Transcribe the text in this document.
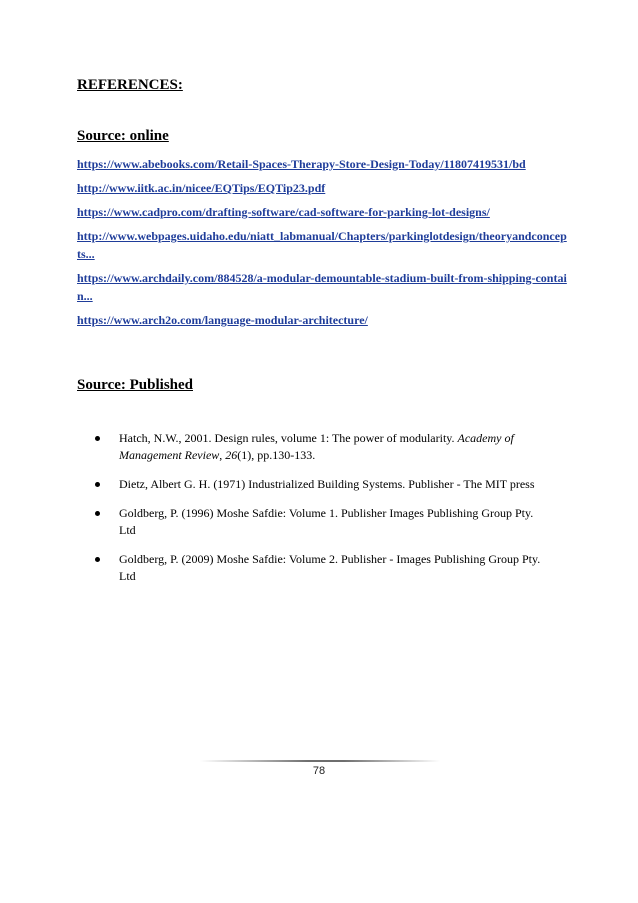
REFERENCES:
Source: online
https://www.abebooks.com/Retail-Spaces-Therapy-Store-Design-Today/11807419531/bd
http://www.iitk.ac.in/nicee/EQTips/EQTip23.pdf
https://www.cadpro.com/drafting-software/cad-software-for-parking-lot-designs/
http://www.webpages.uidaho.edu/niatt_labmanual/Chapters/parkinglotdesign/theoryandconcepts...
https://www.archdaily.com/884528/a-modular-demountable-stadium-built-from-shipping-contain...
https://www.arch2o.com/language-modular-architecture/
Source: Published
Hatch, N.W., 2001. Design rules, volume 1: The power of modularity. Academy of Management Review, 26(1), pp.130-133.
Dietz, Albert G. H. (1971) Industrialized Building Systems. Publisher - The MIT press
Goldberg, P. (1996) Moshe Safdie: Volume 1. Publisher Images Publishing Group Pty. Ltd
Goldberg, P. (2009) Moshe Safdie: Volume 2. Publisher - Images Publishing Group Pty. Ltd
78
